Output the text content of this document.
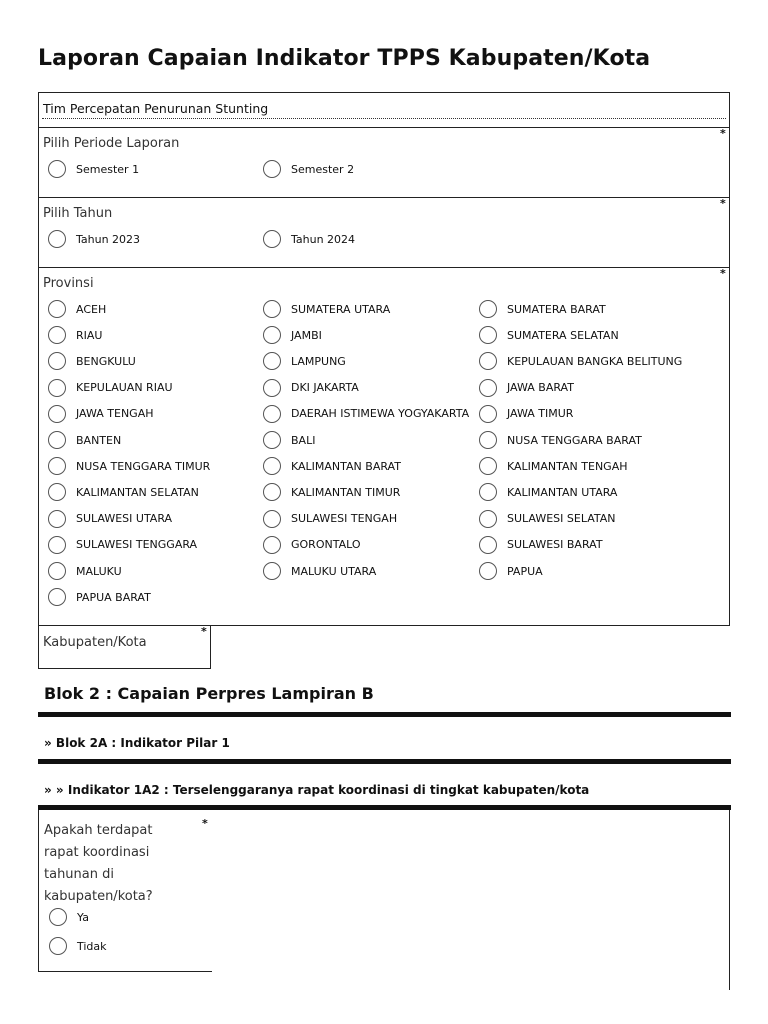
Laporan Capaian Indikator TPPS Kabupaten/Kota
Tim Percepatan Penurunan Stunting
*
Pilih Periode Laporan
Semester 1	Semester 2
*
Pilih Tahun
Tahun 2023	Tahun 2024
*
Provinsi
ACEH	SUMATERA UTARA	SUMATERA BARAT
RIAU	JAMBI	SUMATERA SELATAN
BENGKULU	LAMPUNG	KEPULAUAN BANGKA BELITUNG
KEPULAUAN RIAU	DKI JAKARTA	JAWA BARAT
JAWA TENGAH	DAERAH ISTIMEWA YOGYAKARTA	JAWA TIMUR
BANTEN	BALI	NUSA TENGGARA BARAT
NUSA TENGGARA TIMUR	KALIMANTAN BARAT	KALIMANTAN TENGAH
KALIMANTAN SELATAN	KALIMANTAN TIMUR	KALIMANTAN UTARA
SULAWESI UTARA	SULAWESI TENGAH	SULAWESI SELATAN
SULAWESI TENGGARA	GORONTALO	SULAWESI BARAT
MALUKU	MALUKU UTARA	PAPUA
PAPUA BARAT
Kabupaten/Kota
*
Blok 2 : Capaian Perpres Lampiran B
» Blok 2A : Indikator Pilar 1
» » Indikator 1A2 : Terselenggaranya rapat koordinasi di tingkat kabupaten/kota
*
Apakah terdapat
rapat koordinasi
tahunan di
kabupaten/kota?
Ya
Tidak
